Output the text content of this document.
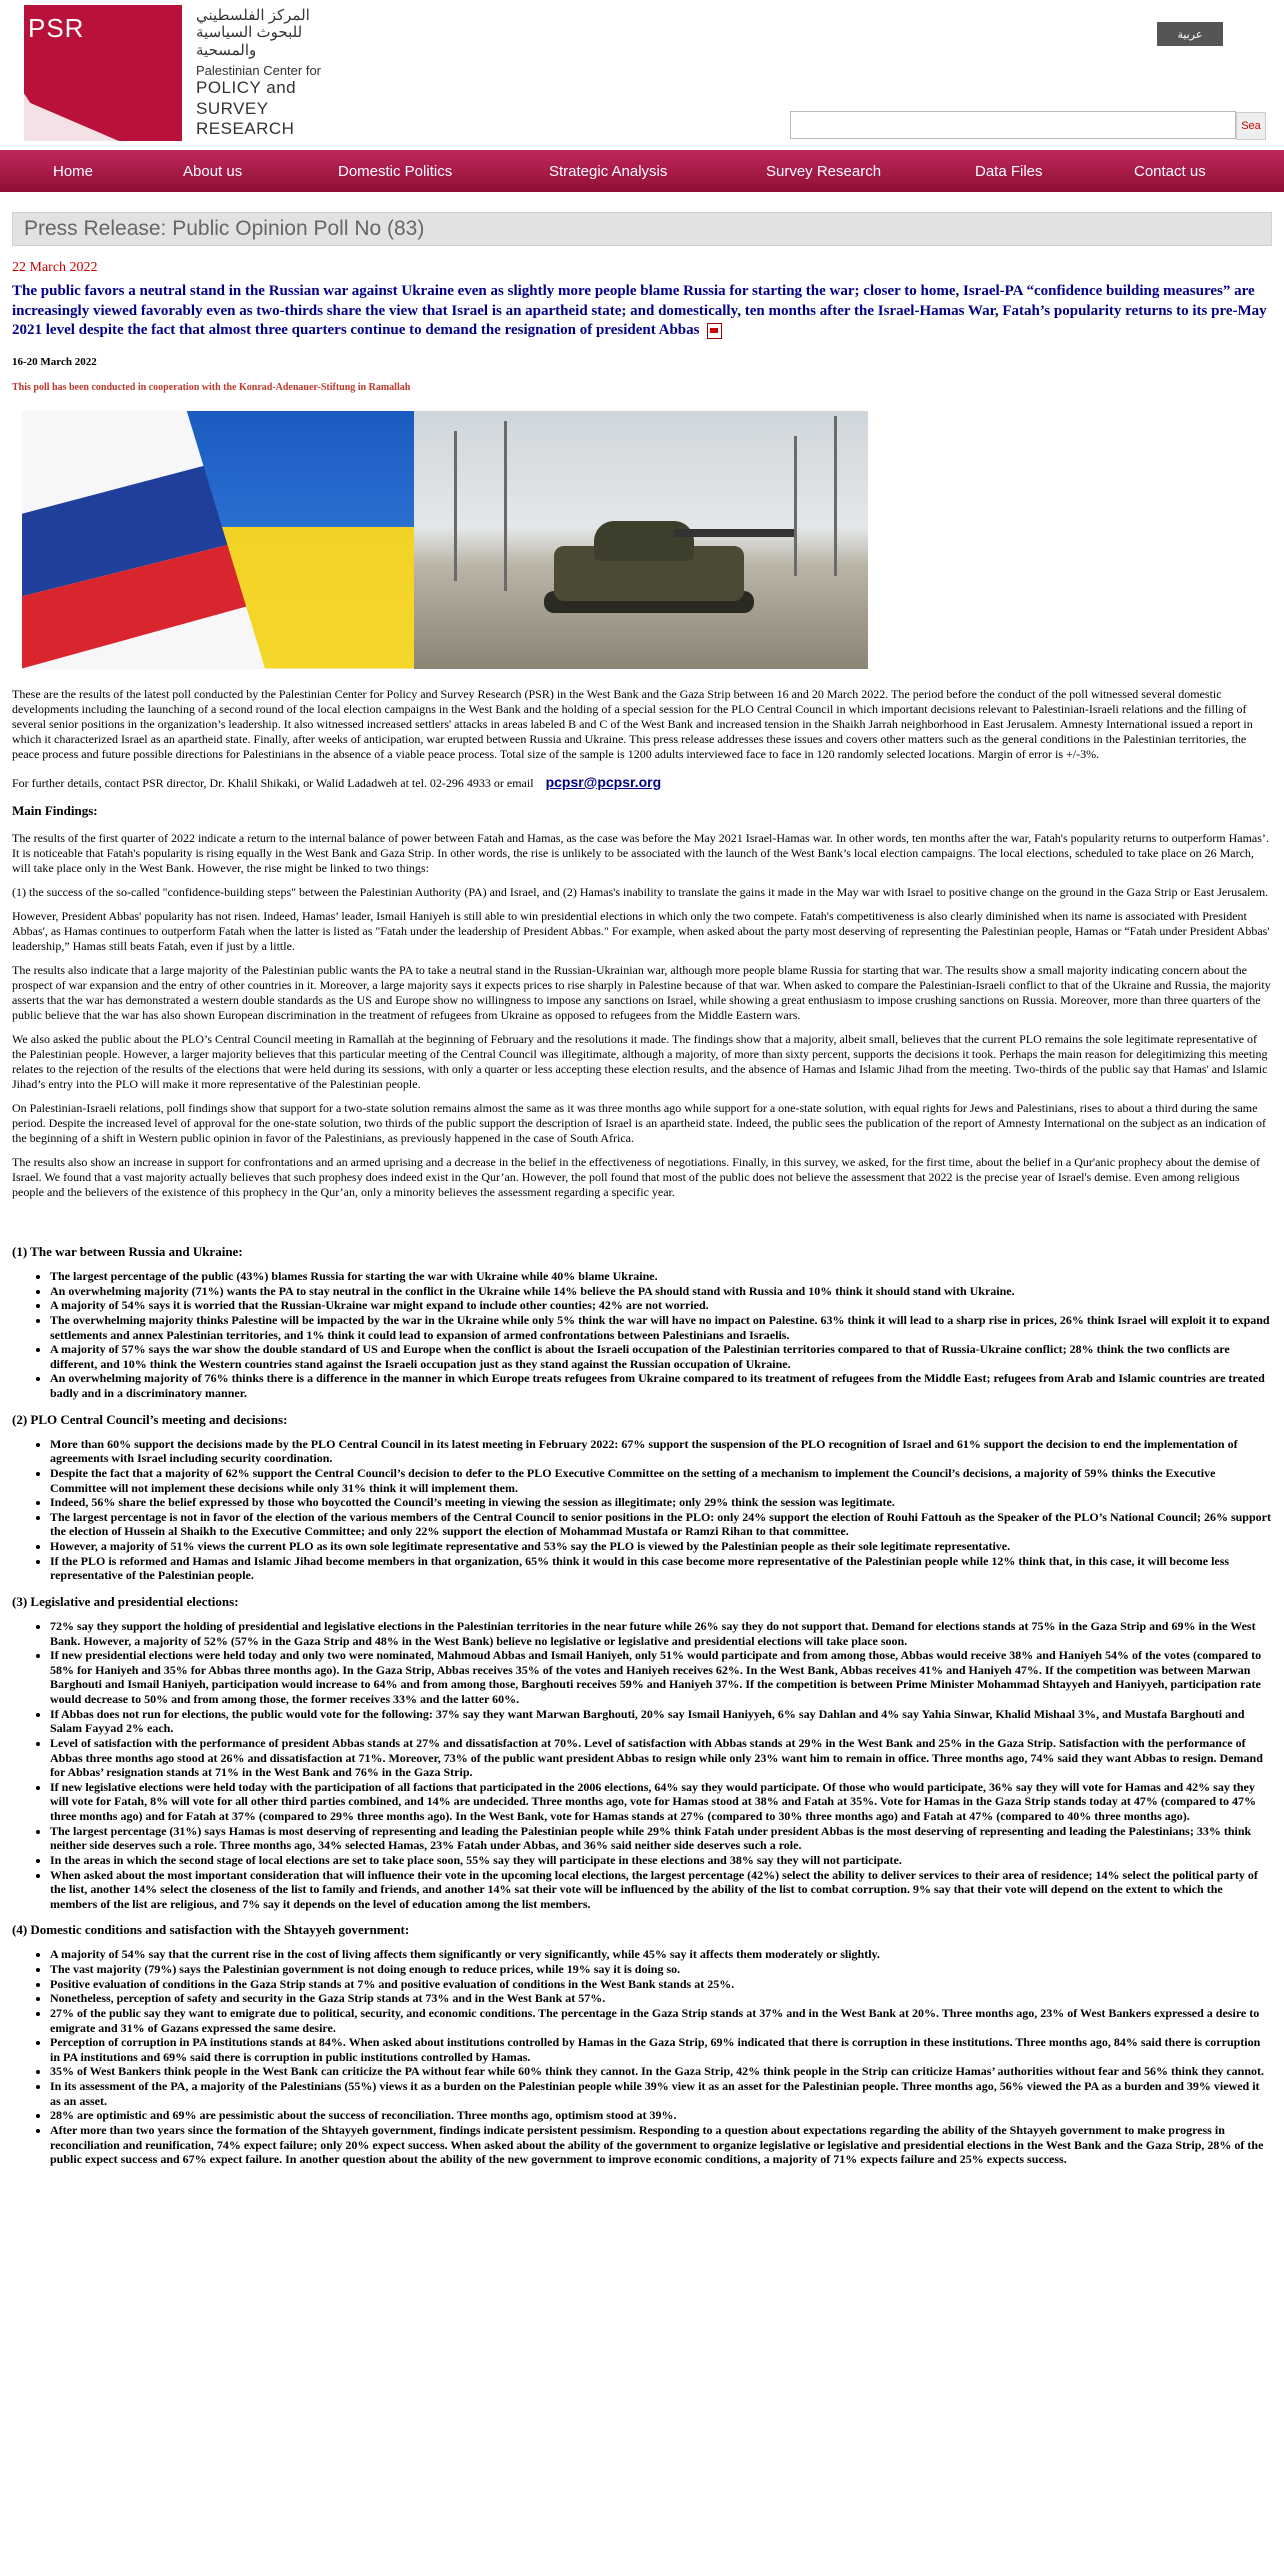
PSR	المركز الفلسطيني للبحوث السياسية والمسحية
Palestinian Center for
POLICY and
SURVEY RESEARCH
عربية
Sea
Home	About us	Domestic Politics	Strategic Analysis	Survey Research	Data Files	Contact us
Press Release: Public Opinion Poll No (83)
22 March 2022
The public favors a neutral stand in the Russian war against Ukraine even as slightly more people blame Russia for starting the war; closer to home, Israel-PA “confidence building measures” are increasingly viewed favorably even as two-thirds share the view that Israel is an apartheid state; and domestically, ten months after the Israel-Hamas War, Fatah’s popularity returns to its pre-May 2021 level despite the fact that almost three quarters continue to demand the resignation of president Abbas
16-20 March 2022
This poll has been conducted in cooperation with the Konrad-Adenauer-Stiftung in Ramallah

These are the results of the latest poll conducted by the Palestinian Center for Policy and Survey Research (PSR) in the West Bank and the Gaza Strip between 16 and 20 March 2022. The period before the conduct of the poll witnessed several domestic developments including the launching of a second round of the local election campaigns in the West Bank and the holding of a special session for the PLO Central Council in which important decisions relevant to Palestinian-Israeli relations and the filling of several senior positions in the organization’s leadership. It also witnessed increased settlers' attacks in areas labeled B and C of the West Bank and increased tension in the Shaikh Jarrah neighborhood in East Jerusalem. Amnesty International issued a report in which it characterized Israel as an apartheid state. Finally, after weeks of anticipation, war erupted between Russia and Ukraine. This press release addresses these issues and covers other matters such as the general conditions in the Palestinian territories, the peace process and future possible directions for Palestinians in the absence of a viable peace process. Total size of the sample is 1200 adults interviewed face to face in 120 randomly selected locations. Margin of error is +/-3%.

For further details, contact PSR director, Dr. Khalil Shikaki, or Walid Ladadweh at tel. 02-296 4933 or email pcpsr@pcpsr.org

Main Findings:

The results of the first quarter of 2022 indicate a return to the internal balance of power between Fatah and Hamas, as the case was before the May 2021 Israel-Hamas war. In other words, ten months after the war, Fatah's popularity returns to outperform Hamas’. It is noticeable that Fatah's popularity is rising equally in the West Bank and Gaza Strip. In other words, the rise is unlikely to be associated with the launch of the West Bank’s local election campaigns. The local elections, scheduled to take place on 26 March, will take place only in the West Bank. However, the rise might be linked to two things:

(1) the success of the so-called "confidence-building steps" between the Palestinian Authority (PA) and Israel, and (2) Hamas's inability to translate the gains it made in the May war with Israel to positive change on the ground in the Gaza Strip or East Jerusalem.

However, President Abbas' popularity has not risen. Indeed, Hamas’ leader, Ismail Haniyeh is still able to win presidential elections in which only the two compete. Fatah's competitiveness is also clearly diminished when its name is associated with President Abbas', as Hamas continues to outperform Fatah when the latter is listed as "Fatah under the leadership of President Abbas." For example, when asked about the party most deserving of representing the Palestinian people, Hamas or “Fatah under President Abbas' leadership,” Hamas still beats Fatah, even if just by a little.

The results also indicate that a large majority of the Palestinian public wants the PA to take a neutral stand in the Russian-Ukrainian war, although more people blame Russia for starting that war. The results show a small majority indicating concern about the prospect of war expansion and the entry of other countries in it. Moreover, a large majority says it expects prices to rise sharply in Palestine because of that war. When asked to compare the Palestinian-Israeli conflict to that of the Ukraine and Russia, the majority asserts that the war has demonstrated a western double standards as the US and Europe show no willingness to impose any sanctions on Israel, while showing a great enthusiasm to impose crushing sanctions on Russia. Moreover, more than three quarters of the public believe that the war has also shown European discrimination in the treatment of refugees from Ukraine as opposed to refugees from the Middle Eastern wars.

We also asked the public about the PLO’s Central Council meeting in Ramallah at the beginning of February and the resolutions it made. The findings show that a majority, albeit small, believes that the current PLO remains the sole legitimate representative of the Palestinian people. However, a larger majority believes that this particular meeting of the Central Council was illegitimate, although a majority, of more than sixty percent, supports the decisions it took. Perhaps the main reason for delegitimizing this meeting relates to the rejection of the results of the elections that were held during its sessions, with only a quarter or less accepting these election results, and the absence of Hamas and Islamic Jihad from the meeting. Two-thirds of the public say that Hamas' and Islamic Jihad’s entry into the PLO will make it more representative of the Palestinian people.

On Palestinian-Israeli relations, poll findings show that support for a two-state solution remains almost the same as it was three months ago while support for a one-state solution, with equal rights for Jews and Palestinians, rises to about a third during the same period. Despite the increased level of approval for the one-state solution, two thirds of the public support the description of Israel is an apartheid state. Indeed, the public sees the publication of the report of Amnesty International on the subject as an indication of the beginning of a shift in Western public opinion in favor of the Palestinians, as previously happened in the case of South Africa.

The results also show an increase in support for confrontations and an armed uprising and a decrease in the belief in the effectiveness of negotiations. Finally, in this survey, we asked, for the first time, about the belief in a Qur'anic prophecy about the demise of Israel. We found that a vast majority actually believes that such prophesy does indeed exist in the Qur’an. However, the poll found that most of the public does not believe the assessment that 2022 is the precise year of Israel's demise. Even among religious people and the believers of the existence of this prophecy in the Qur’an, only a minority believes the assessment regarding a specific year.

(1) The war between Russia and Ukraine:
• The largest percentage of the public (43%) blames Russia for starting the war with Ukraine while 40% blame Ukraine.
• An overwhelming majority (71%) wants the PA to stay neutral in the conflict in the Ukraine while 14% believe the PA should stand with Russia and 10% think it should stand with Ukraine.
• A majority of 54% says it is worried that the Russian-Ukraine war might expand to include other counties; 42% are not worried.
• The overwhelming majority thinks Palestine will be impacted by the war in the Ukraine while only 5% think the war will have no impact on Palestine. 63% think it will lead to a sharp rise in prices, 26% think Israel will exploit it to expand settlements and annex Palestinian territories, and 1% think it could lead to expansion of armed confrontations between Palestinians and Israelis.
• A majority of 57% says the war show the double standard of US and Europe when the conflict is about the Israeli occupation of the Palestinian territories compared to that of Russia-Ukraine conflict; 28% think the two conflicts are different, and 10% think the Western countries stand against the Israeli occupation just as they stand against the Russian occupation of Ukraine.
• An overwhelming majority of 76% thinks there is a difference in the manner in which Europe treats refugees from Ukraine compared to its treatment of refugees from the Middle East; refugees from Arab and Islamic countries are treated badly and in a discriminatory manner.
(2) PLO Central Council’s meeting and decisions:
• More than 60% support the decisions made by the PLO Central Council in its latest meeting in February 2022: 67% support the suspension of the PLO recognition of Israel and 61% support the decision to end the implementation of agreements with Israel including security coordination.
• Despite the fact that a majority of 62% support the Central Council’s decision to defer to the PLO Executive Committee on the setting of a mechanism to implement the Council’s decisions, a majority of 59% thinks the Executive Committee will not implement these decisions while only 31% think it will implement them.
• Indeed, 56% share the belief expressed by those who boycotted the Council’s meeting in viewing the session as illegitimate; only 29% think the session was legitimate.
• The largest percentage is not in favor of the election of the various members of the Central Council to senior positions in the PLO: only 24% support the election of Rouhi Fattouh as the Speaker of the PLO’s National Council; 26% support the election of Hussein al Shaikh to the Executive Committee; and only 22% support the election of Mohammad Mustafa or Ramzi Rihan to that committee.
• However, a majority of 51% views the current PLO as its own sole legitimate representative and 53% say the PLO is viewed by the Palestinian people as their sole legitimate representative.
• If the PLO is reformed and Hamas and Islamic Jihad become members in that organization, 65% think it would in this case become more representative of the Palestinian people while 12% think that, in this case, it will become less representative of the Palestinian people.
(3) Legislative and presidential elections:
• 72% say they support the holding of presidential and legislative elections in the Palestinian territories in the near future while 26% say they do not support that. Demand for elections stands at 75% in the Gaza Strip and 69% in the West Bank. However, a majority of 52% (57% in the Gaza Strip and 48% in the West Bank) believe no legislative or legislative and presidential elections will take place soon.
• If new presidential elections were held today and only two were nominated, Mahmoud Abbas and Ismail Haniyeh, only 51% would participate and from among those, Abbas would receive 38% and Haniyeh 54% of the votes (compared to 58% for Haniyeh and 35% for Abbas three months ago). In the Gaza Strip, Abbas receives 35% of the votes and Haniyeh receives 62%. In the West Bank, Abbas receives 41% and Haniyeh 47%. If the competition was between Marwan Barghouti and Ismail Haniyeh, participation would increase to 64% and from among those, Barghouti receives 59% and Haniyeh 37%. If the competition is between Prime Minister Mohammad Shtayyeh and Haniyyeh, participation rate would decrease to 50% and from among those, the former receives 33% and the latter 60%.
• If Abbas does not run for elections, the public would vote for the following: 37% say they want Marwan Barghouti, 20% say Ismail Haniyyeh, 6% say Dahlan and 4% say Yahia Sinwar, Khalid Mishaal 3%, and Mustafa Barghouti and Salam Fayyad 2% each.
• Level of satisfaction with the performance of president Abbas stands at 27% and dissatisfaction at 70%. Level of satisfaction with Abbas stands at 29% in the West Bank and 25% in the Gaza Strip. Satisfaction with the performance of Abbas three months ago stood at 26% and dissatisfaction at 71%. Moreover, 73% of the public want president Abbas to resign while only 23% want him to remain in office. Three months ago, 74% said they want Abbas to resign. Demand for Abbas’ resignation stands at 71% in the West Bank and 76% in the Gaza Strip.
• If new legislative elections were held today with the participation of all factions that participated in the 2006 elections, 64% say they would participate. Of those who would participate, 36% say they will vote for Hamas and 42% say they will vote for Fatah, 8% will vote for all other third parties combined, and 14% are undecided. Three months ago, vote for Hamas stood at 38% and Fatah at 35%. Vote for Hamas in the Gaza Strip stands today at 47% (compared to 47% three months ago) and for Fatah at 37% (compared to 29% three months ago). In the West Bank, vote for Hamas stands at 27% (compared to 30% three months ago) and Fatah at 47% (compared to 40% three months ago).
• The largest percentage (31%) says Hamas is most deserving of representing and leading the Palestinian people while 29% think Fatah under president Abbas is the most deserving of representing and leading the Palestinians; 33% think neither side deserves such a role. Three months ago, 34% selected Hamas, 23% Fatah under Abbas, and 36% said neither side deserves such a role.
• In the areas in which the second stage of local elections are set to take place soon, 55% say they will participate in these elections and 38% say they will not participate.
• When asked about the most important consideration that will influence their vote in the upcoming local elections, the largest percentage (42%) select the ability to deliver services to their area of residence; 14% select the political party of the list, another 14% select the closeness of the list to family and friends, and another 14% sat their vote will be influenced by the ability of the list to combat corruption. 9% say that their vote will depend on the extent to which the members of the list are religious, and 7% say it depends on the level of education among the list members.
(4) Domestic conditions and satisfaction with the Shtayyeh government:
• A majority of 54% say that the current rise in the cost of living affects them significantly or very significantly, while 45% say it affects them moderately or slightly.
• The vast majority (79%) says the Palestinian government is not doing enough to reduce prices, while 19% say it is doing so.
• Positive evaluation of conditions in the Gaza Strip stands at 7% and positive evaluation of conditions in the West Bank stands at 25%.
• Nonetheless, perception of safety and security in the Gaza Strip stands at 73% and in the West Bank at 57%.
• 27% of the public say they want to emigrate due to political, security, and economic conditions. The percentage in the Gaza Strip stands at 37% and in the West Bank at 20%. Three months ago, 23% of West Bankers expressed a desire to emigrate and 31% of Gazans expressed the same desire.
• Perception of corruption in PA institutions stands at 84%. When asked about institutions controlled by Hamas in the Gaza Strip, 69% indicated that there is corruption in these institutions. Three months ago, 84% said there is corruption in PA institutions and 69% said there is corruption in public institutions controlled by Hamas.
• 35% of West Bankers think people in the West Bank can criticize the PA without fear while 60% think they cannot. In the Gaza Strip, 42% think people in the Strip can criticize Hamas’ authorities without fear and 56% think they cannot.
• In its assessment of the PA, a majority of the Palestinians (55%) views it as a burden on the Palestinian people while 39% view it as an asset for the Palestinian people. Three months ago, 56% viewed the PA as a burden and 39% viewed it as an asset.
• 28% are optimistic and 69% are pessimistic about the success of reconciliation. Three months ago, optimism stood at 39%.
• After more than two years since the formation of the Shtayyeh government, findings indicate persistent pessimism. Responding to a question about expectations regarding the ability of the Shtayyeh government to make progress in reconciliation and reunification, 74% expect failure; only 20% expect success. When asked about the ability of the government to organize legislative or legislative and presidential elections in the West Bank and the Gaza Strip, 28% of the public expect success and 67% expect failure. In another question about the ability of the new government to improve economic conditions, a majority of 71% expects failure and 25% expects success.
